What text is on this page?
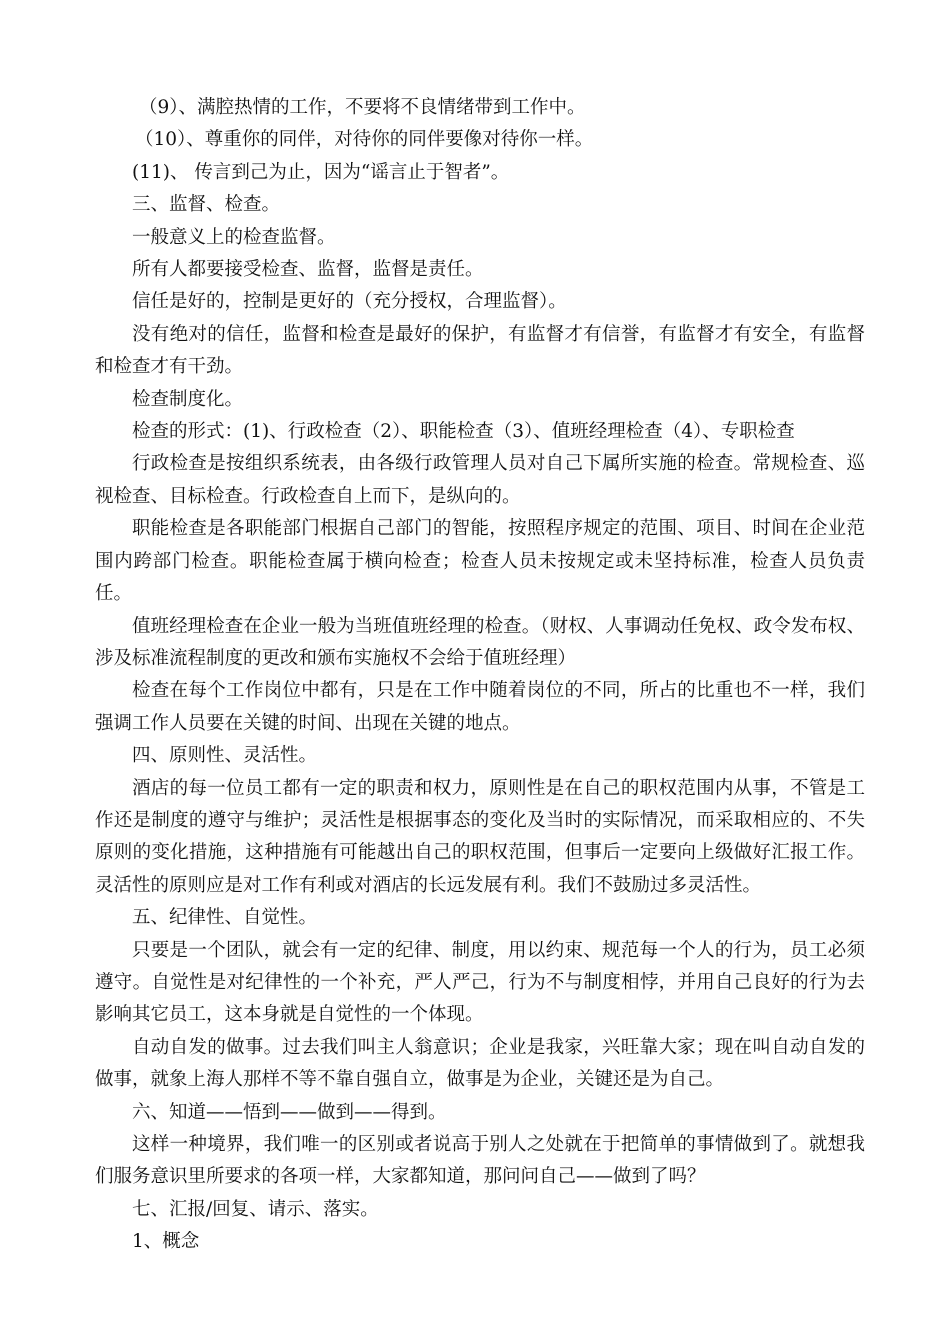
（9）、满腔热情的工作，不要将不良情绪带到工作中。

（10）、尊重你的同伴，对待你的同伴要像对待你一样。

(11)、 传言到己为止，因为“谣言止于智者”。

三、监督、检查。

一般意义上的检查监督。

所有人都要接受检查、监督，监督是责任。

信任是好的，控制是更好的（充分授权，合理监督）。

没有绝对的信任，监督和检查是最好的保护，有监督才有信誉，有监督才有安全，有监督和检查才有干劲。

检查制度化。

检查的形式：(1)、行政检查（2）、职能检查（3）、值班经理检查（4）、专职检查

行政检查是按组织系统表，由各级行政管理人员对自己下属所实施的检查。常规检查、巡视检查、目标检查。行政检查自上而下，是纵向的。

职能检查是各职能部门根据自己部门的智能，按照程序规定的范围、项目、时间在企业范围内跨部门检查。职能检查属于横向检查；检查人员未按规定或未坚持标准，检查人员负责任。

值班经理检查在企业一般为当班值班经理的检查。（财权、人事调动任免权、政令发布权、涉及标准流程制度的更改和颁布实施权不会给于值班经理）

检查在每个工作岗位中都有，只是在工作中随着岗位的不同，所占的比重也不一样，我们强调工作人员要在关键的时间、出现在关键的地点。

四、原则性、灵活性。

酒店的每一位员工都有一定的职责和权力，原则性是在自己的职权范围内从事，不管是工作还是制度的遵守与维护；灵活性是根据事态的变化及当时的实际情况，而采取相应的、不失原则的变化措施，这种措施有可能越出自己的职权范围，但事后一定要向上级做好汇报工作。灵活性的原则应是对工作有利或对酒店的长远发展有利。我们不鼓励过多灵活性。

五、纪律性、自觉性。

只要是一个团队，就会有一定的纪律、制度，用以约束、规范每一个人的行为，员工必须遵守。自觉性是对纪律性的一个补充，严人严己，行为不与制度相悖，并用自己良好的行为去影响其它员工，这本身就是自觉性的一个体现。

自动自发的做事。过去我们叫主人翁意识；企业是我家，兴旺靠大家；现在叫自动自发的做事，就象上海人那样不等不靠自强自立，做事是为企业，关键还是为自己。

六、知道——悟到——做到——得到。

这样一种境界，我们唯一的区别或者说高于别人之处就在于把简单的事情做到了。就想我们服务意识里所要求的各项一样，大家都知道，那问问自己——做到了吗？

七、汇报/回复、请示、落实。

1、概念
